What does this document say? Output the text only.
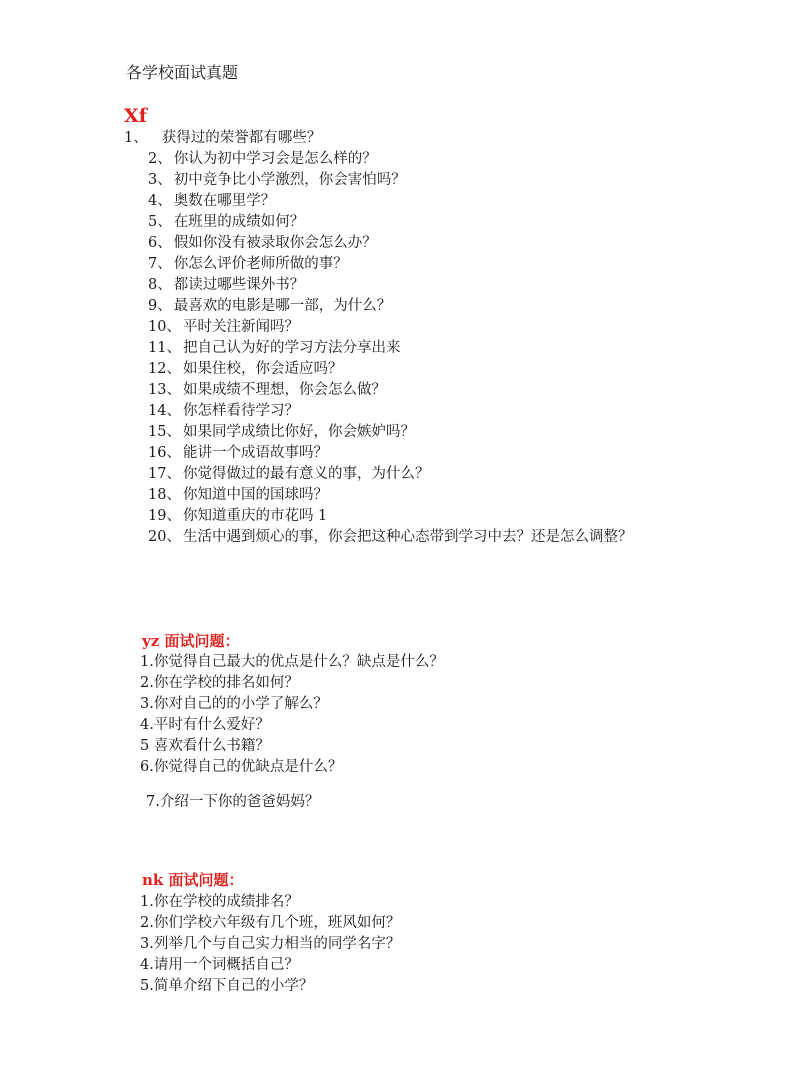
各学校面试真题
Xf
1、 获得过的荣誉都有哪些？
2、 你认为初中学习会是怎么样的？
3、 初中竞争比小学激烈，你会害怕吗？
4、 奥数在哪里学？
5、 在班里的成绩如何？
6、 假如你没有被录取你会怎么办？
7、 你怎么评价老师所做的事？
8、 都读过哪些课外书？
9、 最喜欢的电影是哪一部，为什么？
10、 平时关注新闻吗？
11、 把自己认为好的学习方法分享出来
12、 如果住校，你会适应吗？
13、 如果成绩不理想，你会怎么做？
14、 你怎样看待学习？
15、 如果同学成绩比你好，你会嫉妒吗？
16、 能讲一个成语故事吗？
17、 你觉得做过的最有意义的事，为什么？
18、 你知道中国的国球吗？
19、 你知道重庆的市花吗 1
20、 生活中遇到烦心的事，你会把这种心态带到学习中去？还是怎么调整？
yz 面试问题：
1.你觉得自己最大的优点是什么？缺点是什么？
2.你在学校的排名如何？
3.你对自己的的小学了解么？
4.平时有什么爱好？
5 喜欢看什么书籍？
6.你觉得自己的优缺点是什么？
7.介绍一下你的爸爸妈妈？
nk 面试问题：
1.你在学校的成绩排名？
2.你们学校六年级有几个班，班风如何？
3.列举几个与自己实力相当的同学名字？
4.请用一个词概括自己？
5.简单介绍下自己的小学？
